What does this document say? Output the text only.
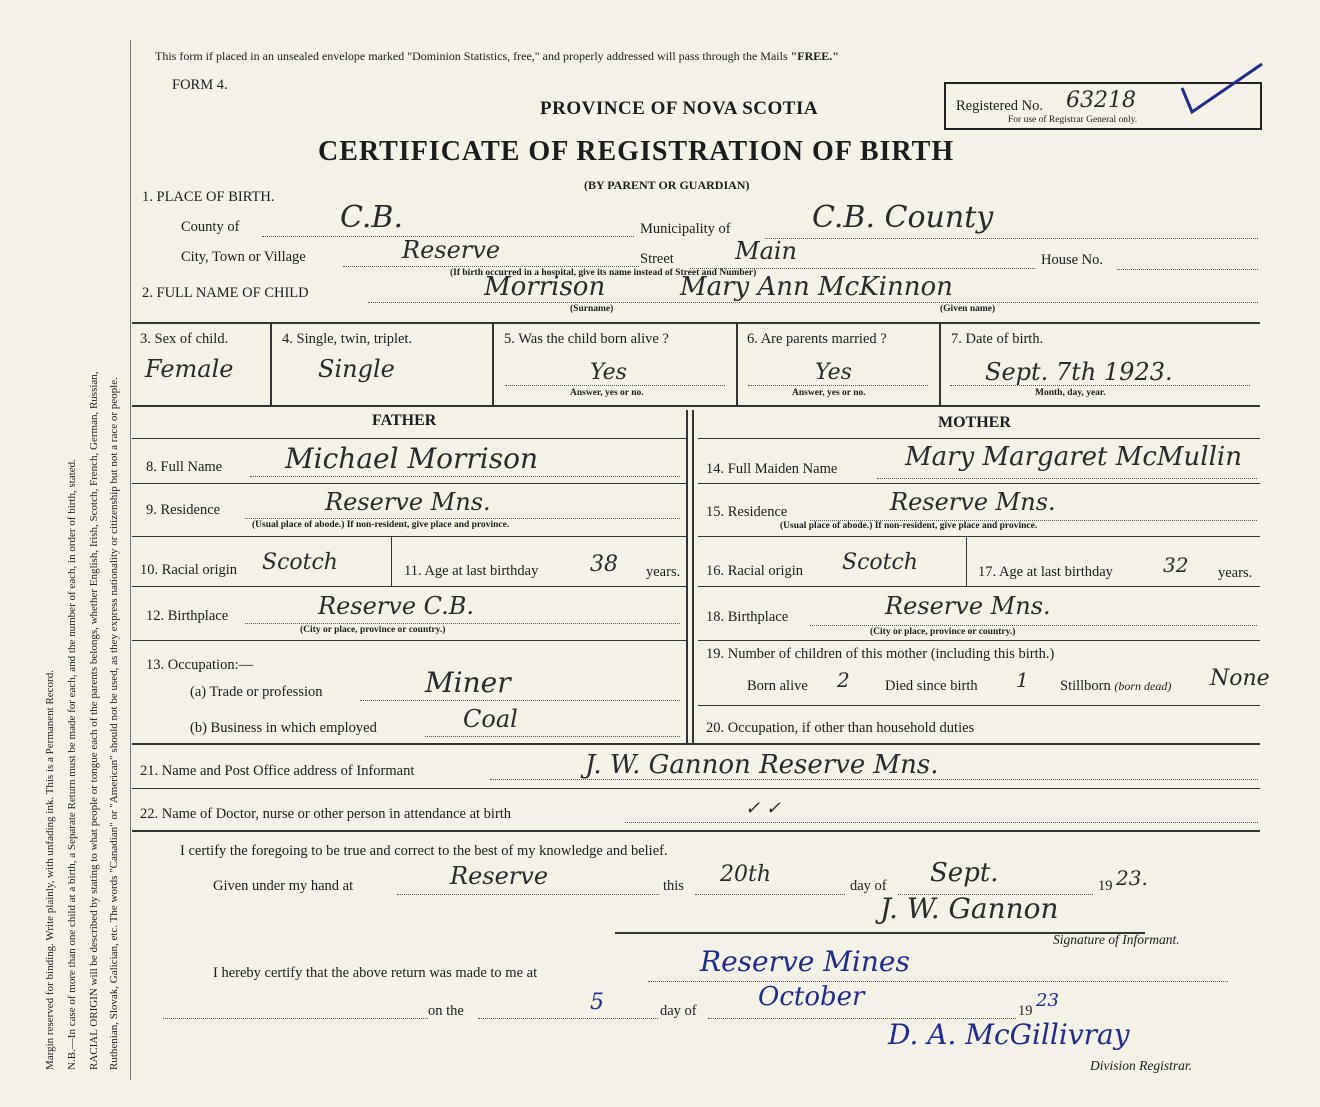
Margin reserved for binding. Write plainly, with unfading ink. This is a Permanent Record. N.B.—In case of more than one child at a birth, a Separate Return must be made for each, and the number of each, in order of birth, stated. RACIAL ORIGIN will be described by stating to what people or tongue each of the parents belongs, whether English, Irish, Scotch, French, German, Russian, Ruthenian, Slovak, Galician, etc. The words "Canadian" or "American" should not be used, as they express nationality or citizenship but not a race or people.
This form if placed in an unsealed envelope marked "Dominion Statistics, free," and properly addressed will pass through the Mails "FREE."
FORM 4.
PROVINCE OF NOVA SCOTIA	Registered No. 63218
For use of Registrar General only.
CERTIFICATE OF REGISTRATION OF BIRTH
(BY PARENT OR GUARDIAN)
1. PLACE OF BIRTH.
County of	C.B.	Municipality of	C.B. County
City, Town or Village	Reserve	Street	Main	House No.
(If birth occurred in a hospital, give its name instead of Street and Number)
2. FULL NAME OF CHILD	Morrison	Mary Ann McKinnon
(Surname)	(Given name)
3. Sex of child.
Female
4. Single, twin, triplet.
Single
5. Was the child born alive ?
Yes
Answer, yes or no.
6. Are parents married ?
Yes
Answer, yes or no.
7. Date of birth.
Sept. 7th 1923.
Month, day, year.
FATHER
8. Full Name Michael Morrison
9. Residence	Reserve Mns.
(Usual place of abode.) If non-resident, give place and province.
10. Racial origin Scotch	11. Age at last birthday 38 years.
12. Birthplace	Reserve C.B.
(City or place, province or country.)
13. Occupation:—
(a) Trade or profession	Miner
(b) Business in which employed	Coal
MOTHER
14. Full Maiden Name	Mary Margaret McMullin
15. Residence	Reserve Mns.
(Usual place of abode.) If non-resident, give place and province.
16. Racial origin Scotch	17. Age at last birthday	32 years.
18. Birthplace	Reserve Mns.
(City or place, province or country.)
19. Number of children of this mother (including this birth.)
Born alive 2 Died since birth 1 Stillborn (born dead) None
20. Occupation, if other than household duties
21. Name and Post Office address of Informant	J. W. Gannon Reserve Mns.
22. Name of Doctor, nurse or other person in attendance at birth	✓ ✓
I certify the foregoing to be true and correct to the best of my knowledge and belief.
Given under my hand at	Reserve	this 20th	day of Sept.	19 23.
J. W. Gannon
Signature of Informant.
I hereby certify that the above return was made to me at	Reserve Mines
on the	5	day of October	19 23
D. A. McGillivray
Division Registrar.
